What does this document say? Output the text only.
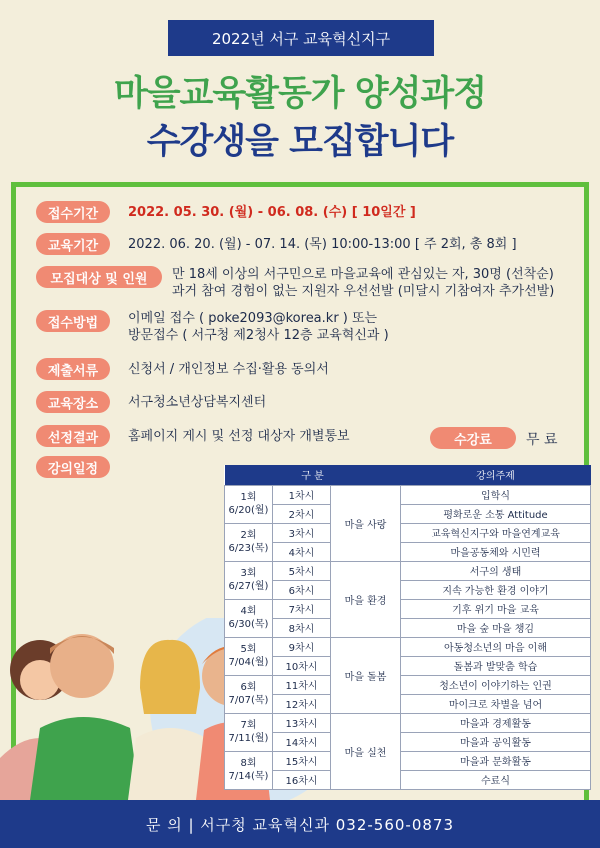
2022년 서구 교육혁신지구
마을교육활동가 양성과정
수강생을 모집합니다
접수기간	2022. 05. 30. (월) - 06. 08. (수) [ 10일간 ]
교육기간	2022. 06. 20. (월) - 07. 14. (목) 10:00-13:00 [ 주 2회, 총 8회 ]
모집대상 및 인원	만 18세 이상의 서구민으로 마을교육에 관심있는 자, 30명 (선착순)
과거 참여 경험이 없는 지원자 우선선발 (미달시 기참여자 추가선발)
접수방법	이메일 접수 ( poke2093@korea.kr ) 또는
방문접수 ( 서구청 제2청사 12층 교육혁신과 )
제출서류	신청서 / 개인정보 수집·활용 동의서
교육장소	서구청소년상담복지센터
선정결과	홈페이지 게시 및 선정 대상자 개별통보
강의일정
수강료	무 료
구 분			강의주제
1회
6/20(월)	1차시	마을 사랑	입학식
	2차시		평화로운 소통 Attitude
2회
6/23(목)	3차시		교육혁신지구와 마을연계교육
	4차시		마을공동체와 시민력
3회
6/27(월)	5차시	마을 환경	서구의 생태
	6차시		지속 가능한 환경 이야기
4회
6/30(목)	7차시		기후 위기 마을 교육
	8차시		마을 숲 마을 챙김
5회
7/04(월)	9차시	마을 돌봄	아동청소년의 마음 이해
	10차시		돌봄과 발맞춤 학습
6회
7/07(목)	11차시		청소년이 이야기하는 인권
	12차시		마이크로 차별을 넘어
7회
7/11(월)	13차시	마을 실천	마을과 경제활동
	14차시		마을과 공익활동
8회
7/14(목)	15차시		마을과 문화활동
	16차시		수료식
문 의 | 서구청 교육혁신과 032-560-0873
